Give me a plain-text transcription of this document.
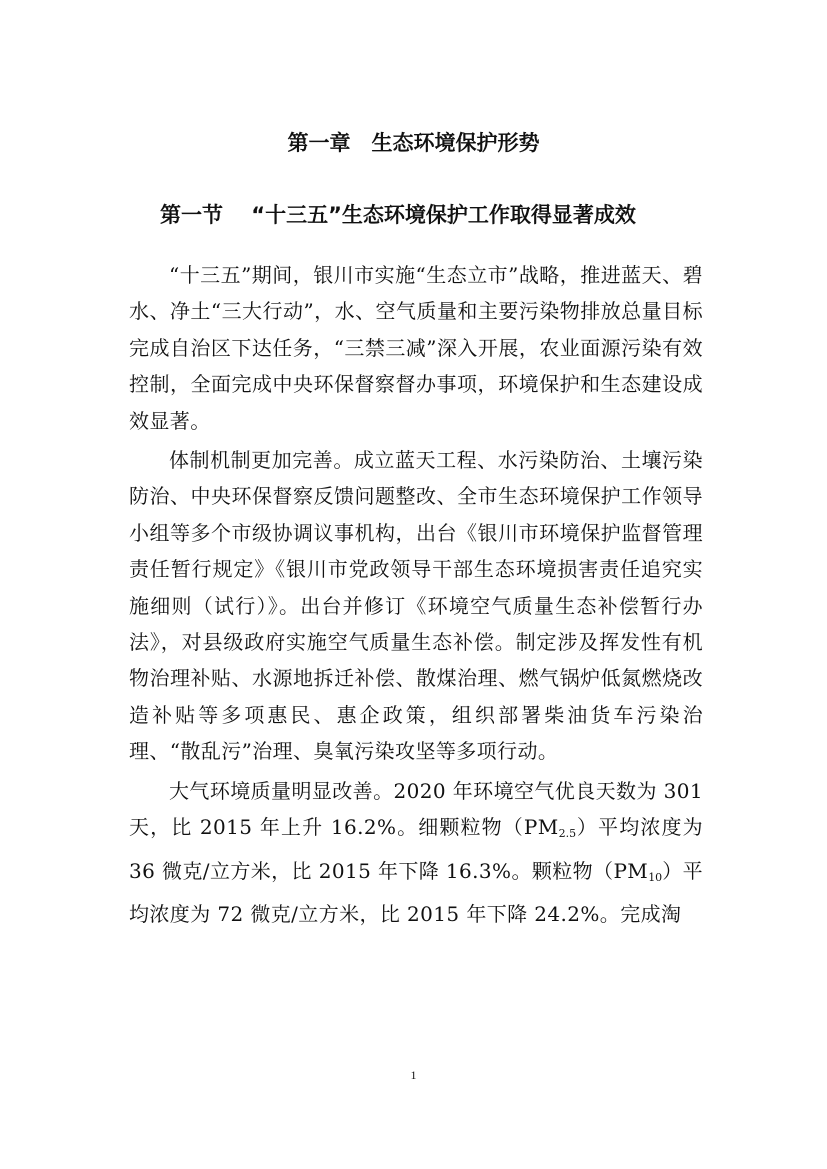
第一章　生态环境保护形势
第一节　 “十三五”生态环境保护工作取得显著成效

“十三五”期间，银川市实施“生态立市”战略，推进蓝天、碧水、净土“三大行动”，水、空气质量和主要污染物排放总量目标完成自治区下达任务，“三禁三减”深入开展，农业面源污染有效控制，全面完成中央环保督察督办事项，环境保护和生态建设成效显著。

体制机制更加完善。成立蓝天工程、水污染防治、土壤污染防治、中央环保督察反馈问题整改、全市生态环境保护工作领导小组等多个市级协调议事机构，出台《银川市环境保护监督管理责任暂行规定》《银川市党政领导干部生态环境损害责任追究实施细则（试行）》。出台并修订《环境空气质量生态补偿暂行办法》，对县级政府实施空气质量生态补偿。制定涉及挥发性有机物治理补贴、水源地拆迁补偿、散煤治理、燃气锅炉低氮燃烧改造补贴等多项惠民、惠企政策，组织部署柴油货车污染治理、“散乱污”治理、臭氧污染攻坚等多项行动。

大气环境质量明显改善。2020 年环境空气优良天数为 301 天，比 2015 年上升 16.2%。细颗粒物$(PM_{2.5})$平均浓度为 36 微克/立方米，比 2015 年下降 16.3%。颗粒物$(PM_{10})$平均浓度为 72 微克/立方米，比 2015 年下降 24.2%。完成淘

1
